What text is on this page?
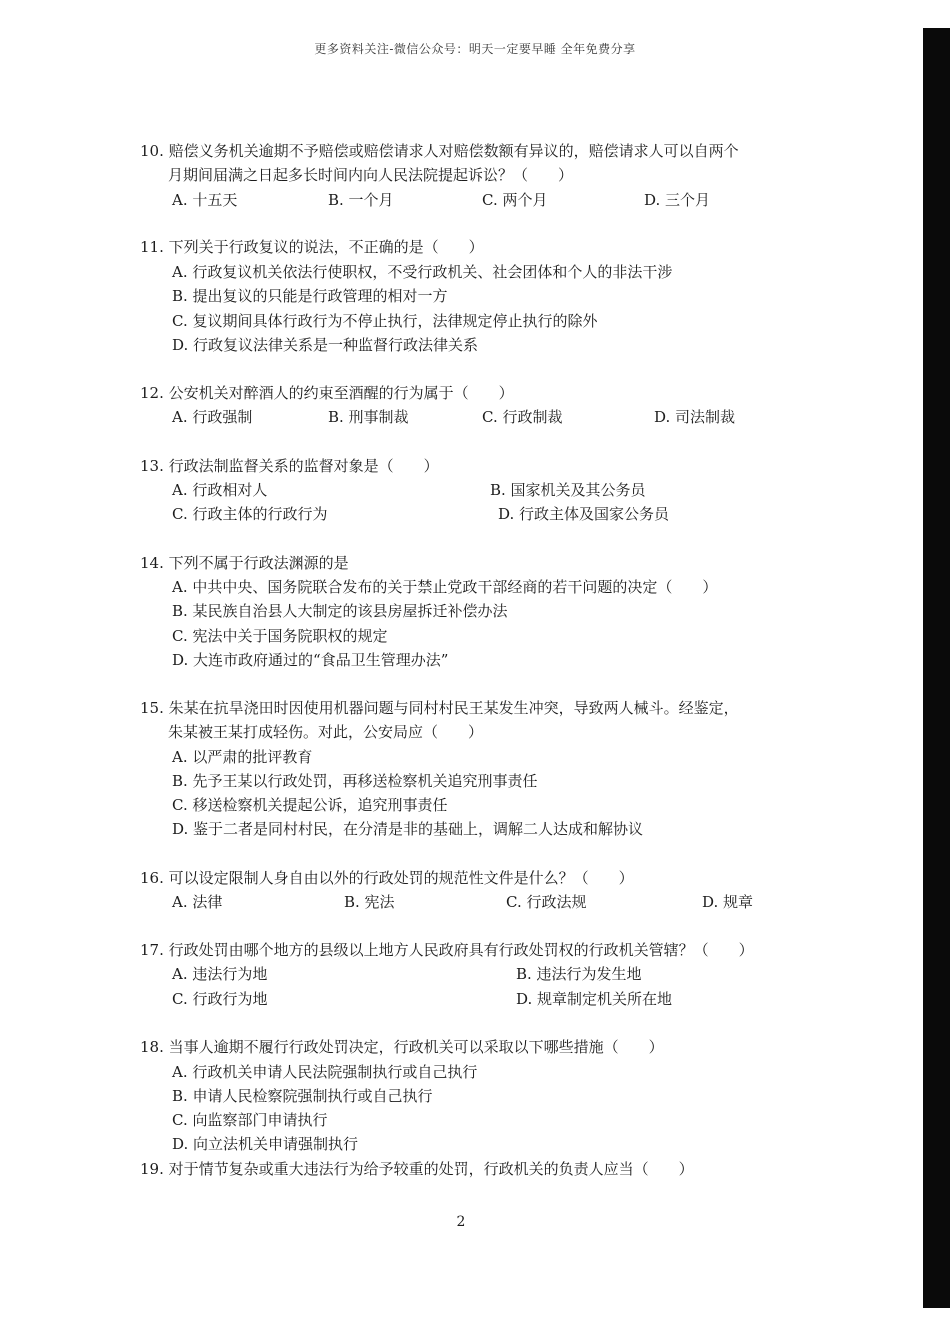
更多资料关注-微信公众号：明天一定要早睡 全年免费分享
10. 赔偿义务机关逾期不予赔偿或赔偿请求人对赔偿数额有异议的，赔偿请求人可以自两个
月期间届满之日起多长时间内向人民法院提起诉讼？（　　）
A. 十五天	B. 一个月	C. 两个月	D. 三个月
11. 下列关于行政复议的说法，不正确的是（　　）
A. 行政复议机关依法行使职权，不受行政机关、社会团体和个人的非法干涉
B. 提出复议的只能是行政管理的相对一方
C. 复议期间具体行政行为不停止执行，法律规定停止执行的除外
D. 行政复议法律关系是一种监督行政法律关系
12. 公安机关对醉酒人的约束至酒醒的行为属于（　　）
A. 行政强制	B. 刑事制裁	C. 行政制裁	D. 司法制裁
13. 行政法制监督关系的监督对象是（　　）
A. 行政相对人	B. 国家机关及其公务员
C. 行政主体的行政行为	D. 行政主体及国家公务员
14. 下列不属于行政法渊源的是
A. 中共中央、国务院联合发布的关于禁止党政干部经商的若干问题的决定（　　）
B. 某民族自治县人大制定的该县房屋拆迁补偿办法
C. 宪法中关于国务院职权的规定
D. 大连市政府通过的“食品卫生管理办法”
15. 朱某在抗旱浇田时因使用机器问题与同村村民王某发生冲突，导致两人械斗。经鉴定，
朱某被王某打成轻伤。对此，公安局应（　　）
A. 以严肃的批评教育
B. 先予王某以行政处罚，再移送检察机关追究刑事责任
C. 移送检察机关提起公诉，追究刑事责任
D. 鉴于二者是同村村民，在分清是非的基础上，调解二人达成和解协议
16. 可以设定限制人身自由以外的行政处罚的规范性文件是什么？（　　）
A. 法律	B. 宪法	C. 行政法规	D. 规章
17. 行政处罚由哪个地方的县级以上地方人民政府具有行政处罚权的行政机关管辖？（　　）
A. 违法行为地	B. 违法行为发生地
C. 行政行为地	D. 规章制定机关所在地
18. 当事人逾期不履行行政处罚决定，行政机关可以采取以下哪些措施（　　）
A. 行政机关申请人民法院强制执行或自己执行
B. 申请人民检察院强制执行或自己执行
C. 向监察部门申请执行
D. 向立法机关申请强制执行
19. 对于情节复杂或重大违法行为给予较重的处罚，行政机关的负责人应当（　　）
2
